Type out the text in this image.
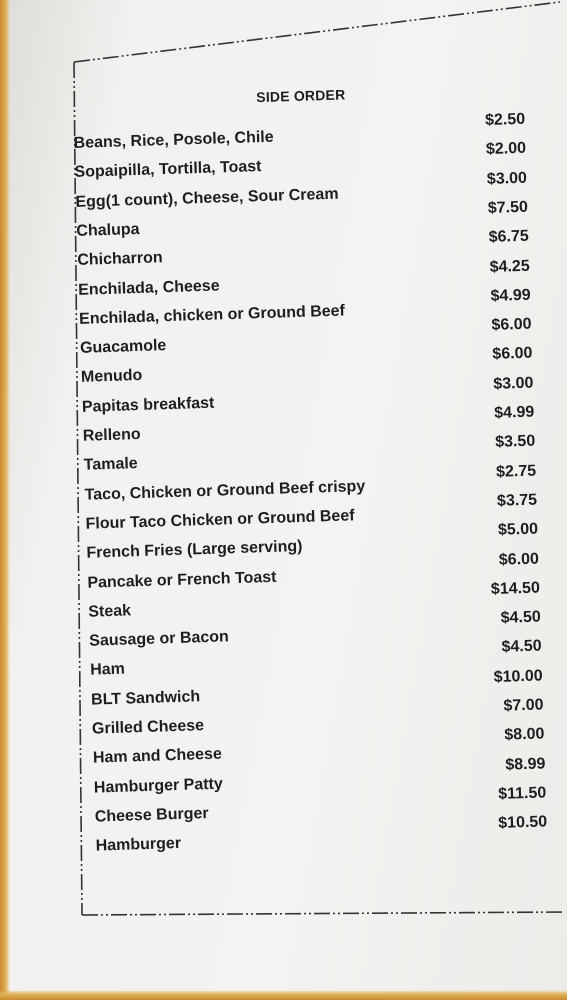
SIDE ORDER
Beans, Rice, Posole, Chile
$2.50
Sopaipilla, Tortilla, Toast
$2.00
Egg(1 count), Cheese, Sour Cream
$3.00
Chalupa
$7.50
Chicharron
$6.75
Enchilada, Cheese
$4.25
Enchilada, chicken or Ground Beef
$4.99
Guacamole
$6.00
Menudo
$6.00
Papitas breakfast
$3.00
Relleno
$4.99
Tamale
$3.50
Taco, Chicken or Ground Beef crispy
$2.75
Flour Taco Chicken or Ground Beef
$3.75
French Fries (Large serving)
$5.00
Pancake or French Toast
$6.00
Steak
$14.50
Sausage or Bacon
$4.50
Ham
$4.50
BLT Sandwich
$10.00
Grilled Cheese
$7.00
Ham and Cheese
$8.00
Hamburger Patty
$8.99
Cheese Burger
$11.50
Hamburger
$10.50
